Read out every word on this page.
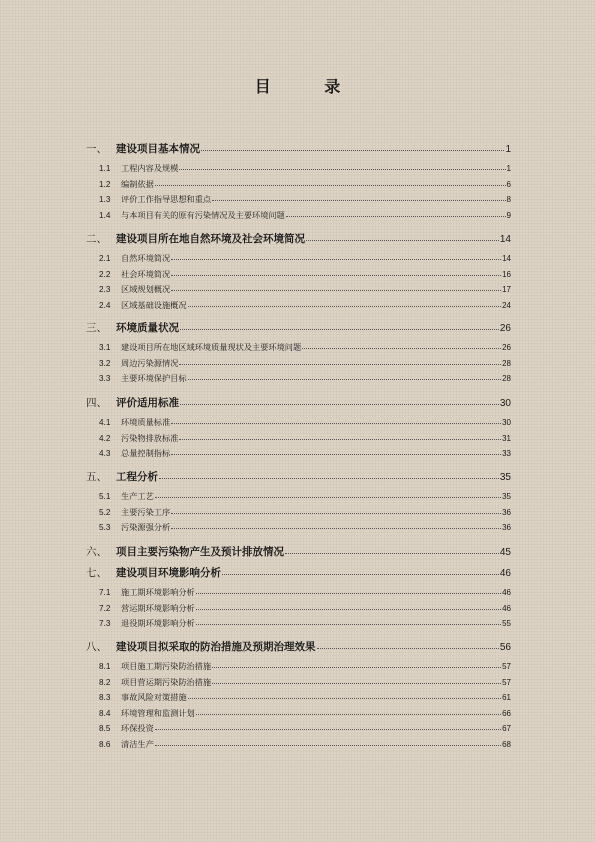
目 录
一、 建设项目基本情况	1
1.1	工程内容及规模	1
1.2	编制依据	6
1.3	评价工作指导思想和重点	8
1.4	与本项目有关的原有污染情况及主要环境问题	9
二、 建设项目所在地自然环境及社会环境简况	14
2.1	自然环境简况	14
2.2	社会环境简况	16
2.3	区域规划概况	17
2.4	区域基础设施概况	24
三、 环境质量状况	26
3.1	建设项目所在地区域环境质量现状及主要环境问题	26
3.2	周边污染源情况	28
3.3	主要环境保护目标	28
四、 评价适用标准	30
4.1	环境质量标准	30
4.2	污染物排放标准	31
4.3	总量控制指标	33
五、 工程分析	35
5.1	生产工艺	35
5.2	主要污染工序	36
5.3	污染源强分析	36
六、 项目主要污染物产生及预计排放情况	45
七、 建设项目环境影响分析	46
7.1	施工期环境影响分析	46
7.2	营运期环境影响分析	46
7.3	退役期环境影响分析	55
八、 建设项目拟采取的防治措施及预期治理效果	56
8.1	项目施工期污染防治措施	57
8.2	项目营运期污染防治措施	57
8.3	事故风险对策措施	61
8.4	环境管理和监测计划	66
8.5	环保投资	67
8.6	清洁生产	68
